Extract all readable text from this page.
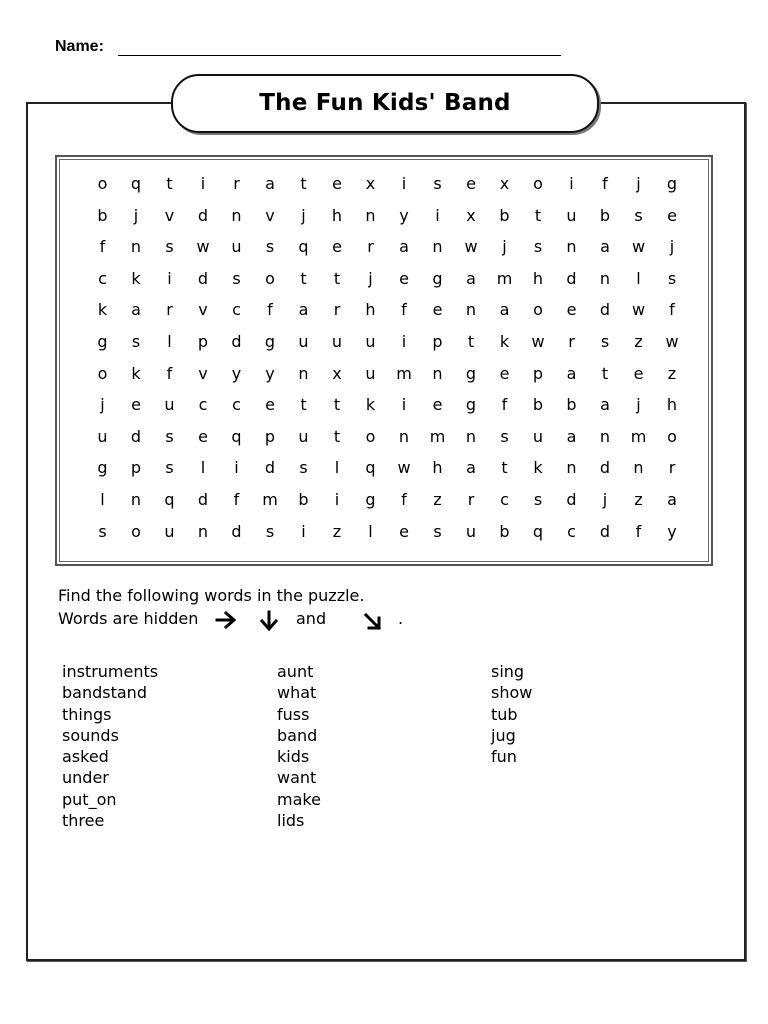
Name:
The Fun Kids' Band
o	q	t	i	r	a	t	e	x	i	s	e	x	o	i	f	j	g
b	j	v	d	n	v	j	h	n	y	i	x	b	t	u	b	s	e
f	n	s	w	u	s	q	e	r	a	n	w	j	s	n	a	w	j
c	k	i	d	s	o	t	t	j	e	g	a	m	h	d	n	l	s
k	a	r	v	c	f	a	r	h	f	e	n	a	o	e	d	w	f
g	s	l	p	d	g	u	u	u	i	p	t	k	w	r	s	z	w
o	k	f	v	y	y	n	x	u	m	n	g	e	p	a	t	e	z
j	e	u	c	c	e	t	t	k	i	e	g	f	b	b	a	j	h
u	d	s	e	q	p	u	t	o	n	m	n	s	u	a	n	m	o
g	p	s	l	i	d	s	l	q	w	h	a	t	k	n	d	n	r
l	n	q	d	f	m	b	i	g	f	z	r	c	s	d	j	z	a
s	o	u	n	d	s	i	z	l	e	s	u	b	q	c	d	f	y
Find the following words in the puzzle.
Words are hidden	and	.
instruments
bandstand
things
sounds
asked
under
put_on
three
aunt
what
fuss
band
kids
want
make
lids
sing
show
tub
jug
fun
